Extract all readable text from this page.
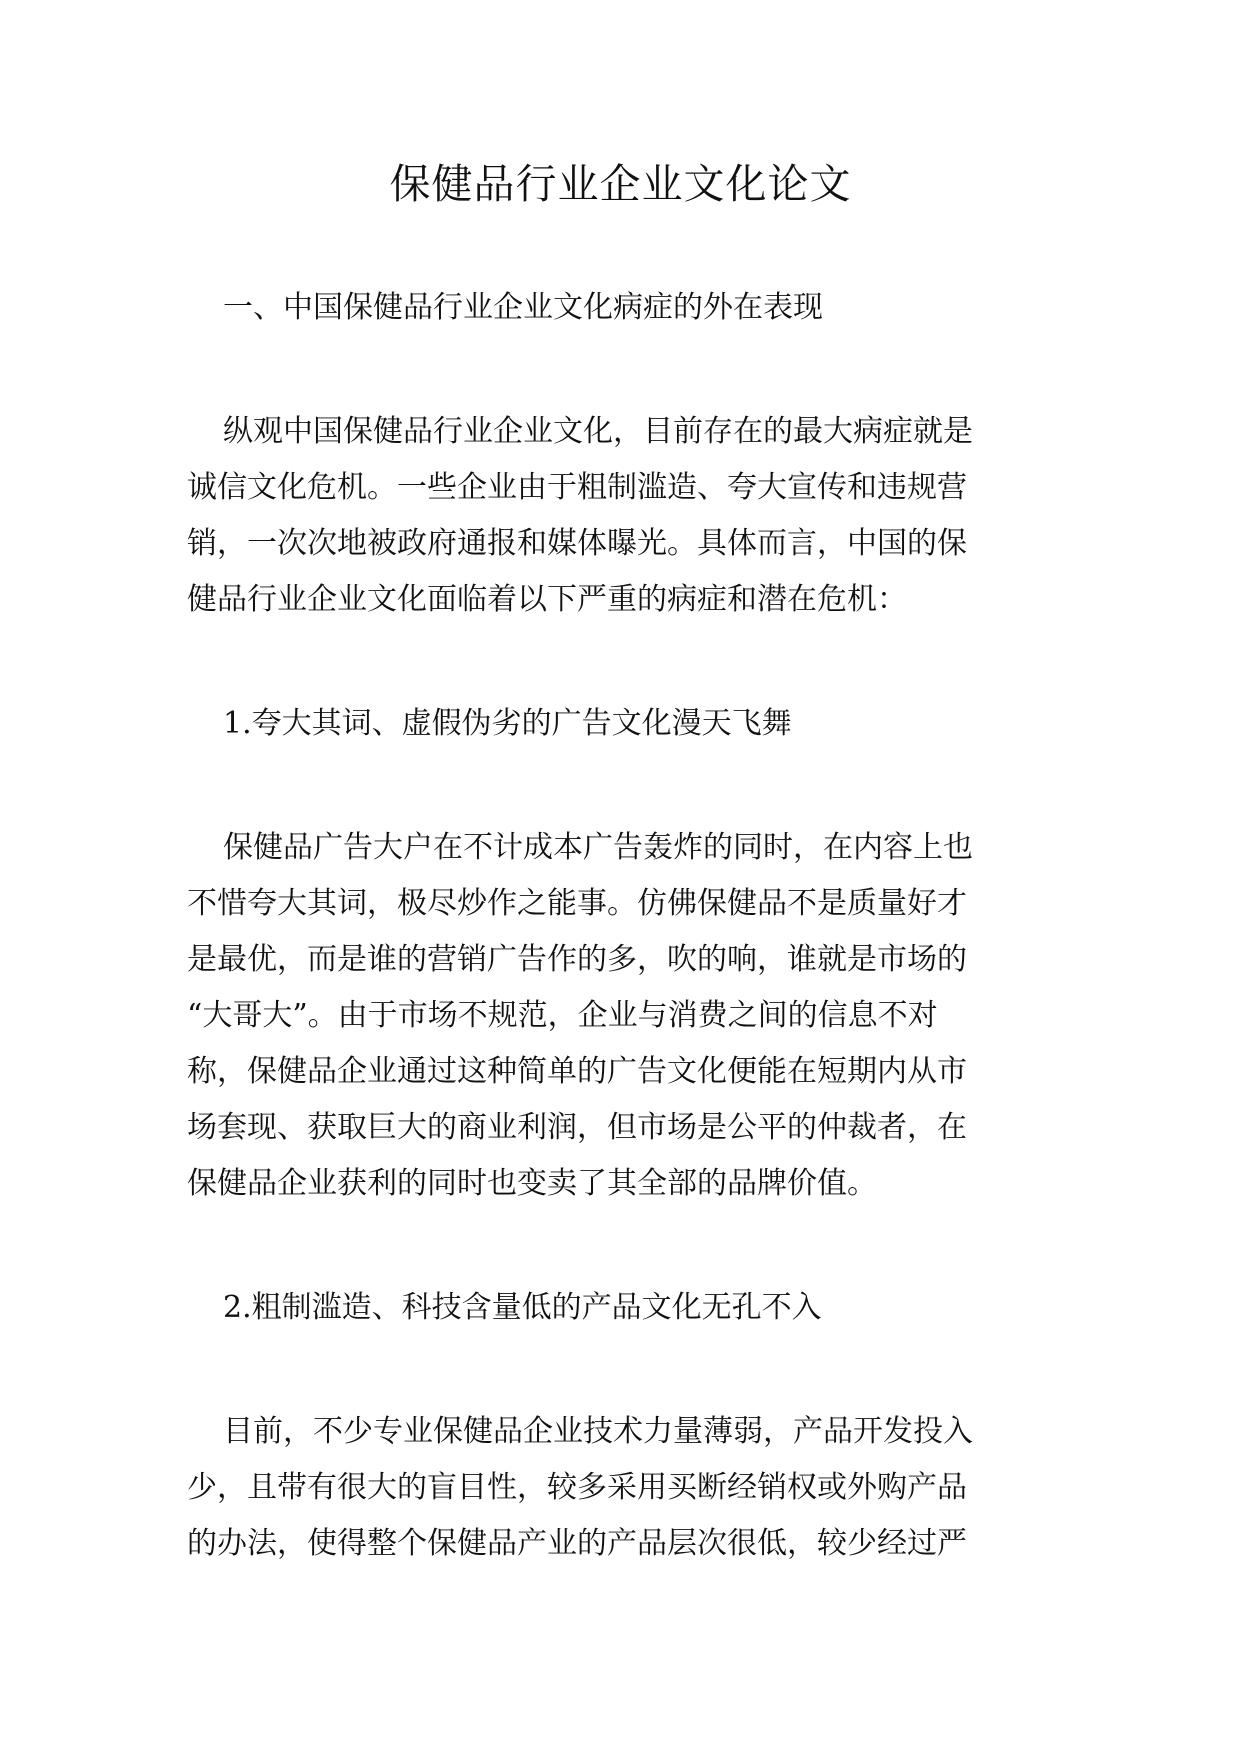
保健品行业企业文化论文

一、中国保健品行业企业文化病症的外在表现

纵观中国保健品行业企业文化，目前存在的最大病症就是
诚信文化危机。一些企业由于粗制滥造、夸大宣传和违规营
销，一次次地被政府通报和媒体曝光。具体而言，中国的保
健品行业企业文化面临着以下严重的病症和潜在危机：

1.夸大其词、虚假伪劣的广告文化漫天飞舞

保健品广告大户在不计成本广告轰炸的同时，在内容上也
不惜夸大其词，极尽炒作之能事。仿佛保健品不是质量好才
是最优，而是谁的营销广告作的多，吹的响，谁就是市场的
“大哥大”。由于市场不规范，企业与消费之间的信息不对
称，保健品企业通过这种简单的广告文化便能在短期内从市
场套现、获取巨大的商业利润，但市场是公平的仲裁者，在
保健品企业获利的同时也变卖了其全部的品牌价值。

2.粗制滥造、科技含量低的产品文化无孔不入

目前，不少专业保健品企业技术力量薄弱，产品开发投入
少，且带有很大的盲目性，较多采用买断经销权或外购产品
的办法，使得整个保健品产业的产品层次很低，较少经过严
